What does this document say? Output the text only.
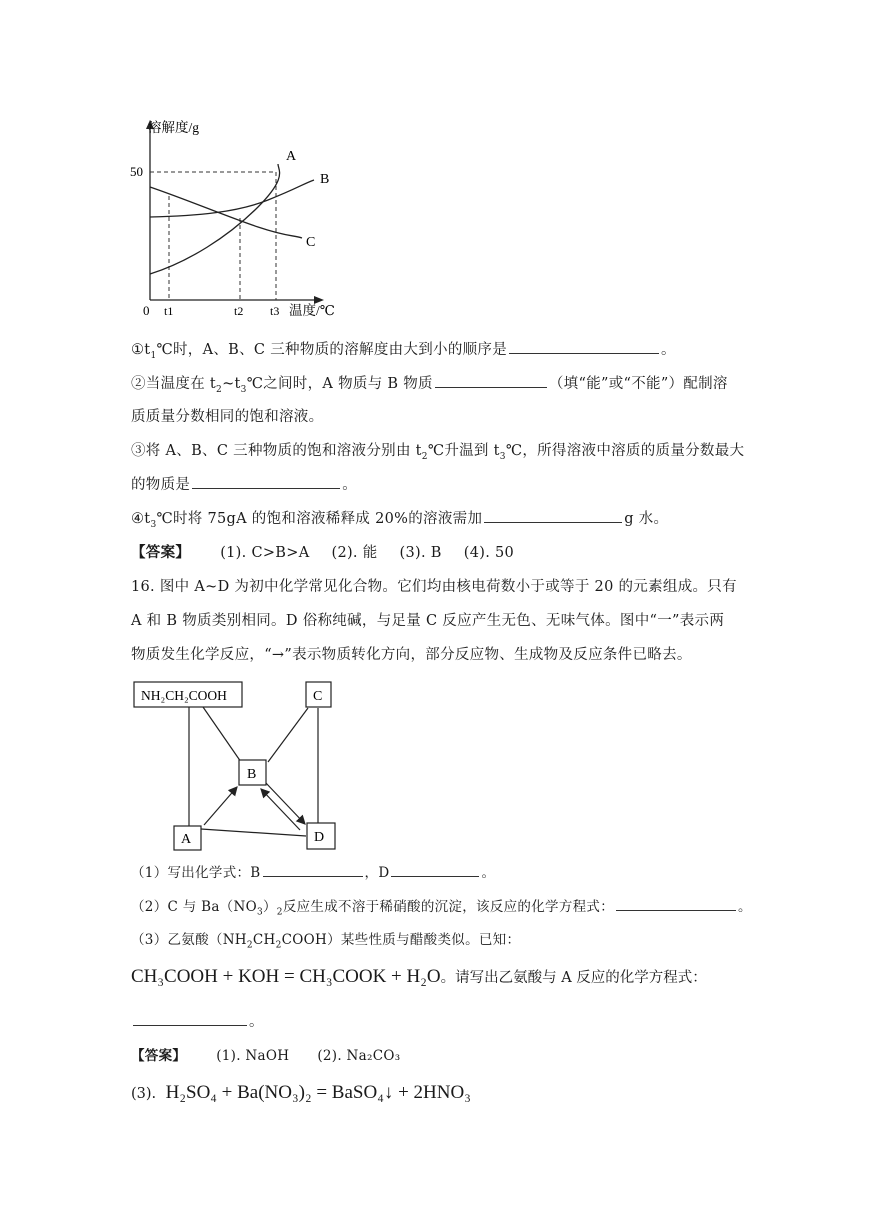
溶解度/g
50
0 t1	t2 t3 温度/℃
A
B
C
$①t_1℃$时，A、B、C 三种物质的溶解度由大到小的顺序是	。
②当温度在 $t_2\sim t_3℃$之间时，A 物质与 B 物质	（填“能”或“不能”）配制溶
质质量分数相同的饱和溶液。
③将 A、B、C 三种物质的饱和溶液分别由 $t_2℃$升温到 $t_3℃$，所得溶液中溶质的质量分数最大
的物质是	。
$④t_3℃$时将 75gA 的饱和溶液稀释成 20%的溶液需加	g 水。
【答案】 (1). C>B>A (2). 能 (3). B (4). 50
16. 图中 A~D 为初中化学常见化合物。它们均由核电荷数小于或等于 20 的元素组成。只有
A 和 B 物质类别相同。D 俗称纯碱，与足量 C 反应产生无色、无味气体。图中“一”表示两
物质发生化学反应，“→”表示物质转化方向，部分反应物、生成物及反应条件已略去。
NH₂CH₂COOH	C
B
A	D
（1）写出化学式：B	，D	。
（2）C 与 $Ba(NO_3)_2$反应生成不溶于稀硝酸的沉淀，该反应的化学方程式：	。
（3）乙氨酸$(NH_2CH_2COOH)$某些性质与醋酸类似。已知：
CH₃COOH + KOH = CH₃COOK + H₂O。请写出乙氨酸与 A 反应的化学方程式：
。
【答案】 (1). NaOH (2). Na₂CO₃
(3). H₂SO₄ + Ba(NO₃)₂ = BaSO₄↓ + 2HNO₃
